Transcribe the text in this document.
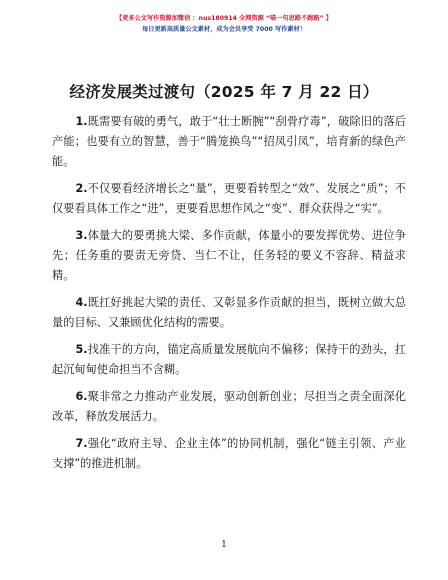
【更多公文写作资源加微信 ：nus180914 全网资源 “喵一句思路不跑路” 】
每日更新高质量公文素材，成为会员享受 7000 写作素材！
经济发展类过渡句（2025 年 7 月 22 日）

1.既需要有破的勇气，敢于“壮士断腕”“刮骨疗毒”，破除旧的落后产能；也要有立的智慧，善于“腾笼换鸟”“招凤引凤”，培育新的绿色产能。

2.不仅要看经济增长之“量”，更要看转型之“效”、发展之“质”；不仅要看具体工作之“进”，更要看思想作风之“变”、群众获得之“实”。

3.体量大的要勇挑大梁、多作贡献，体量小的要发挥优势、进位争先；任务重的要责无旁贷、当仁不让，任务轻的要义不容辞、精益求精。

4.既扛好挑起大梁的责任、又彰显多作贡献的担当，既树立做大总量的目标、又兼顾优化结构的需要。

5.找准干的方向，锚定高质量发展航向不偏移；保持干的劲头，扛起沉甸甸使命担当不含糊。

6.聚非常之力推动产业发展，驱动创新创业；尽担当之责全面深化改革，释放发展活力。

7.强化“政府主导、企业主体”的协同机制，强化“链主引领、产业支撑”的推进机制。

1
